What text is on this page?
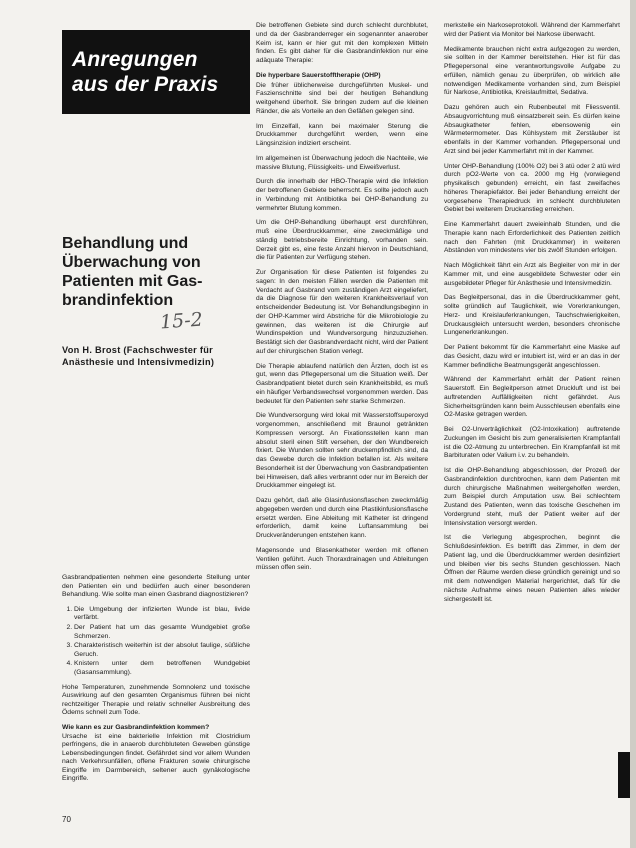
Anregungen
aus der Praxis
Behandlung und
Überwachung von
Patienten mit Gas-
brandinfektion
15-2
Von H. Brost (Fachschwester für
Anästhesie und Intensivmedizin)

Gasbrandpatienten nehmen eine gesonderte Stellung unter den Patienten ein und bedürfen auch einer besonderen Behandlung. Wie sollte man einen Gasbrand diagnostizieren?

1. Die Umgebung der infizierten Wunde ist blau, livide verfärbt.
2. Der Patient hat um das gesamte Wundgebiet große Schmerzen.
3. Charakteristisch weiterhin ist der absolut faulige, süßliche Geruch.
4. Knistern unter dem betroffenen Wundgebiet (Gasansammlung).

Hohe Temperaturen, zunehmende Somnolenz und toxische Auswirkung auf den gesamten Organismus führen bei nicht rechtzeitiger Therapie und relativ schneller Ausbreitung des Ödems schnell zum Tode.

Wie kann es zur Gasbrandinfektion kommen?

Ursache ist eine bakterielle Infektion mit Clostridium perfringens, die in anaerob durchbluteten Geweben günstige Lebensbedingungen findet. Gefährdet sind vor allem Wunden nach Verkehrsunfällen, offene Frakturen sowie chirurgische Eingriffe im Darmbereich, seltener auch gynäkologische Eingriffe.

Die betroffenen Gebiete sind durch schlecht durchblutet, und da der Gasbranderreger ein sogenannter anaerober Keim ist, kann er hier gut mit den komplexen Mitteln finden. Es gibt daher für die Gasbrandinfektion nur eine adäquate Therapie:

Die hyperbare Sauerstofftherapie (OHP)

Die früher üblicherweise durchgeführten Muskel- und Faszienschnitte sind bei der heutigen Behandlung weitgehend überholt. Sie bringen zudem auf die kleinen Ränder, die als Vorteile an den Gefäßen gelegen sind.

Im Einzelfall, kann bei maximaler Sterung die Druckkammer durchgeführt werden, wenn eine Längsinzision indiziert erscheint.

Im allgemeinen ist Überwachung jedoch die Nachteile, wie massive Blutung, Flüssigkeits- und Eiweißverlust.

Durch die innerhalb der HBO-Therapie wird die Infektion der betroffenen Gebiete beherrscht. Es sollte jedoch auch in Verbindung mit Antibiotika bei OHP-Behandlung zu vermehrter Blutung kommen.

Um die OHP-Behandlung überhaupt erst durchführen, muß eine Überdruckkammer, eine zweckmäßige und ständig betriebsbereite Einrichtung, vorhanden sein. Derzeit gibt es, eine feste Anzahl hiervon in Deutschland, die für Patienten zur Verfügung stehen.

Zur Organisation für diese Patienten ist folgendes zu sagen: In den meisten Fällen werden die Patienten mit Verdacht auf Gasbrand vom zuständigen Arzt eingeliefert, da die Diagnose für den weiteren Krankheitsverlauf von entscheidender Bedeutung ist. Vor Behandlungsbeginn in der OHP-Kammer wird Abstriche für die Mikrobiologie zu gewinnen, das weiteren ist die Chirurgie auf Wundinspektion und Wundversorgung hinzuzuziehen. Bestätigt sich der Gasbrandverdacht nicht, wird der Patient auf der chirurgischen Station verlegt.

Die Therapie ablaufend natürlich den Ärzten, doch ist es gut, wenn das Pflegepersonal um die Situation weiß. Der Gasbrandpatient bietet durch sein Krankheitsbild, es muß ein häufiger Verbandswechsel vorgenommen werden. Das bedeutet für den Patienten sehr starke Schmerzen.

Die Wundversorgung wird lokal mit Wasserstoffsuperoxyd vorgenommen, anschließend mit Braunol getränkten Kompressen versorgt. An Fixationsstellen kann man absolut steril einen Stift versehen, der den Wundbereich fixiert. Die Wunden sollten sehr druckempfindlich sind, da das Gewebe durch die Infektion befallen ist. Als weitere Besonderheit ist der Überwachung von Gasbrandpatienten bei Hinweisen, daß alles verbrannt oder nur im Bereich der Druckkammer eingelegt ist.

Dazu gehört, daß alle Glasinfusionsflaschen zweckmäßig abgegeben werden und durch eine Plastikinfusionsflasche ersetzt werden. Eine Ableitung mit Katheter ist dringend erforderlich, damit keine Luftansammlung bei Druckveränderungen entstehen kann.

Magensonde und Blasenkatheter werden mit offenen Ventilen geführt. Auch Thoraxdrainagen und Ableitungen müssen offen sein.

merkstelle ein Narkoseprotokoll. Während der Kammerfahrt wird der Patient via Monitor bei Narkose überwacht.

Medikamente brauchen nicht extra aufgezogen zu werden, sie sollten in der Kammer bereitstehen. Hier ist für das Pflegepersonal eine verantwortungsvolle Aufgabe zu erfüllen, nämlich genau zu überprüfen, ob wirklich alle notwendigen Medikamente vorhanden sind, zum Beispiel für Narkose, Antibiotika, Kreislaufmittel, Sedativa.

Dazu gehören auch ein Rubenbeutel mit Fliessventil. Absaugvorrichtung muß einsatzbereit sein. Es dürfen keine Absaugkatheter fehlen, ebensowenig ein Wärmetermometer. Das Kühlsystem mit Zerstäuber ist ebenfalls in der Kammer vorhanden. Pflegepersonal und Arzt sind bei jeder Kammerfahrt mit in der Kammer.

Unter OHP-Behandlung (100% O2) bei 3 atü oder 2 atü wird durch pO2-Werte von ca. 2000 mg Hg (vorwiegend physikalisch gebunden) erreicht, ein fast zweifaches höheres Therapiefaktor. Bei jeder Behandlung erreicht der vorgesehene Therapiedruck im schlecht durchbluteten Gebiet bei weiterem Druckanstieg erreichen.

Eine Kammerfahrt dauert zweieinhalb Stunden, und die Therapie kann nach Erforderlichkeit des Patienten zeitlich nach den Fahrten (mit Druckkammer) in weiteren Abständen von mindestens vier bis zwölf Stunden erfolgen.

Nach Möglichkeit fährt ein Arzt als Begleiter von mir in der Kammer mit, und eine ausgebildete Schwester oder ein ausgebildeter Pfleger für Anästhesie und Intensivmedizin.

Das Begleitpersonal, das in die Überdruckkammer geht, sollte gründlich auf Tauglichkeit, wie Vorerkrankungen, Herz- und Kreislauferkrankungen, Tauchschwierigkeiten, Druckausgleich untersucht werden, besonders chronische Lungenerkrankungen.

Der Patient bekommt für die Kammerfahrt eine Maske auf das Gesicht, dazu wird er intubiert ist, wird er an das in der Kammer befindliche Beatmungsgerät angeschlossen.

Während der Kammerfahrt erhält der Patient reinen Sauerstoff. Ein Begleitperson atmet Druckluft und ist bei auftretenden Auffälligkeiten nicht gefährdet. Aus Sicherheitsgründen kann beim Ausschleusen ebenfalls eine O2-Maske getragen werden.

Bei O2-Unverträglichkeit (O2-Intoxikation) auftretende Zuckungen im Gesicht bis zum generalisierten Krampfanfall ist die O2-Atmung zu unterbrechen. Ein Krampfanfall ist mit Barbituraten oder Valium i.v. zu behandeln.

Ist die OHP-Behandlung abgeschlossen, der Prozeß der Gasbrandinfektion durchbrochen, kann dem Patienten mit durch chirurgische Maßnahmen weitergeholfen werden, zum Beispiel durch Amputation usw. Bei schlechtem Zustand des Patienten, wenn das toxische Geschehen im Vordergrund steht, muß der Patient weiter auf der Intensivstation versorgt werden.

Ist die Verlegung abgesprochen, beginnt die Schlußdesinfektion. Es betrifft das Zimmer, in dem der Patient lag, und die Überdruckkammer werden desinfiziert und bleiben vier bis sechs Stunden geschlossen. Nach Öffnen der Räume werden diese gründlich gereinigt und so mit dem notwendigen Material hergerichtet, daß für die nächste Aufnahme eines neuen Patienten alles wieder sichergestellt ist.

70
